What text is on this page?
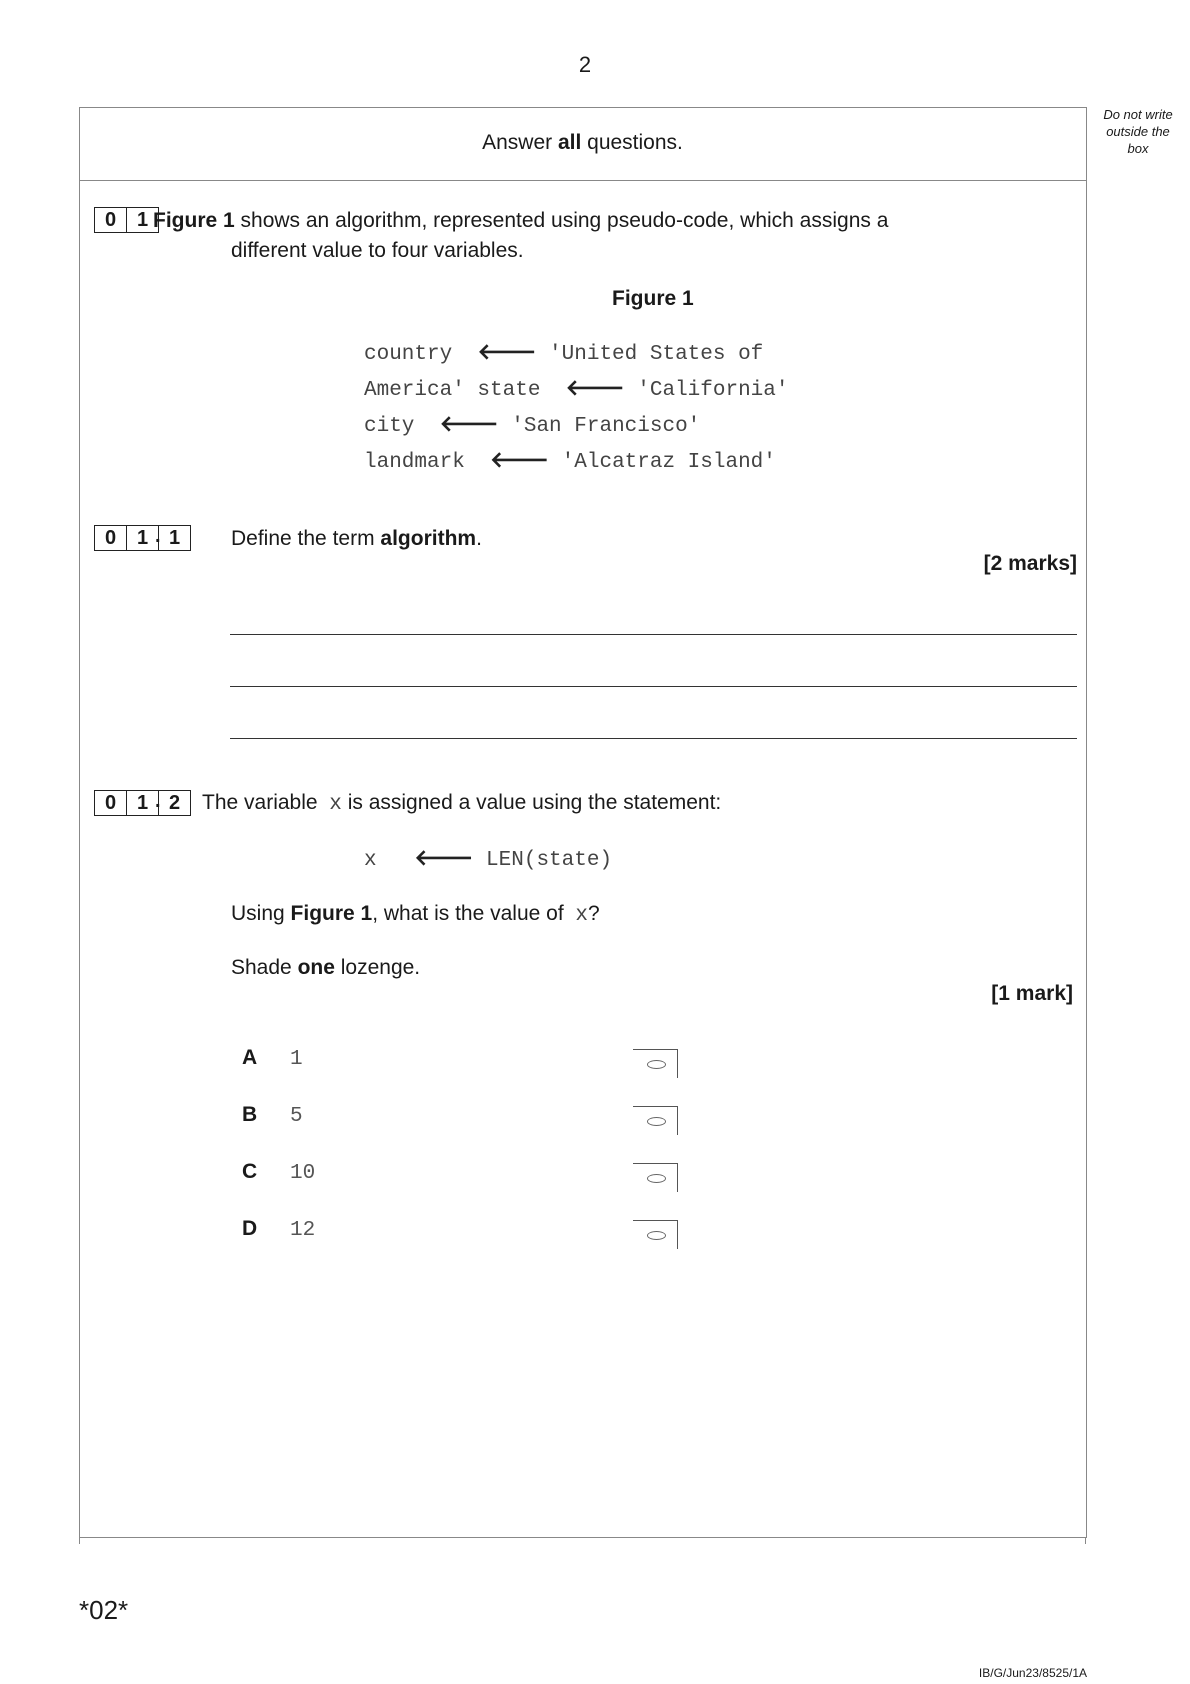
2
Do not write
outside the
box
Answer all questions.
0	1 Figure 1 shows an algorithm, represented using pseudo-code, which assigns a
different value to four variables.
Figure 1
country 🡐 'United States of
America' state 🡐 'California'
city 🡐 'San Francisco'
landmark 🡐 'Alcatraz Island'
0	1 . 1	Define the term algorithm.
[2 marks]
0	1 . 2	The variable  x is assigned a value using the statement:
x 🡐 LEN(state)
Using Figure 1, what is the value of  x?
Shade one lozenge.
[1 mark]
A 1
B 5
C 10
D 12
*02*
IB/G/Jun23/8525/1A
